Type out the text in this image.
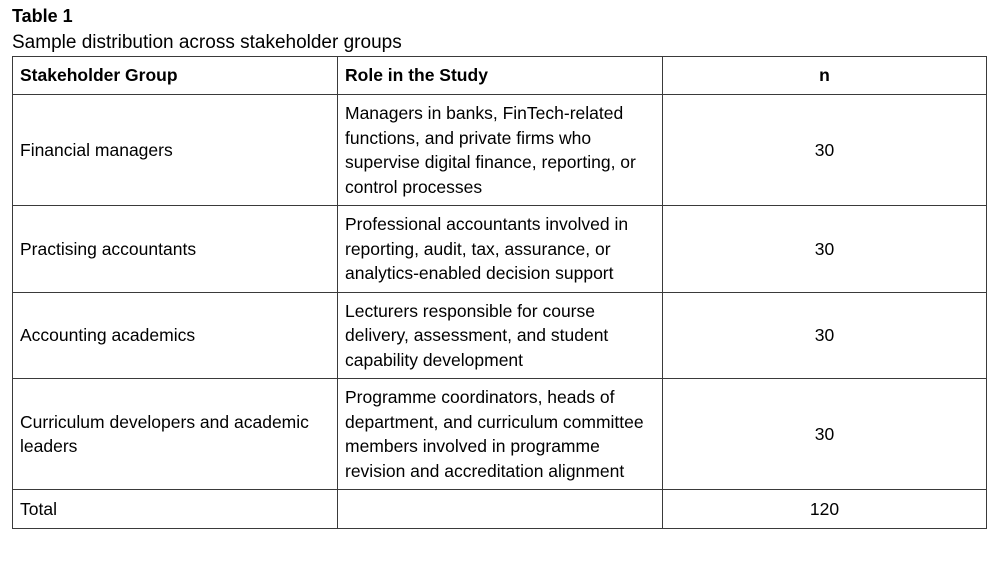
Table 1
Sample distribution across stakeholder groups
Stakeholder Group	Role in the Study	n
Financial managers	Managers in banks, FinTech-related functions, and private firms who supervise digital finance, reporting, or control processes	30
Practising accountants	Professional accountants involved in reporting, audit, tax, assurance, or analytics-enabled decision support	30
Accounting academics	Lecturers responsible for course delivery, assessment, and student capability development	30
Curriculum developers and academic leaders	Programme coordinators, heads of department, and curriculum committee members involved in programme revision and accreditation alignment	30
Total		120
